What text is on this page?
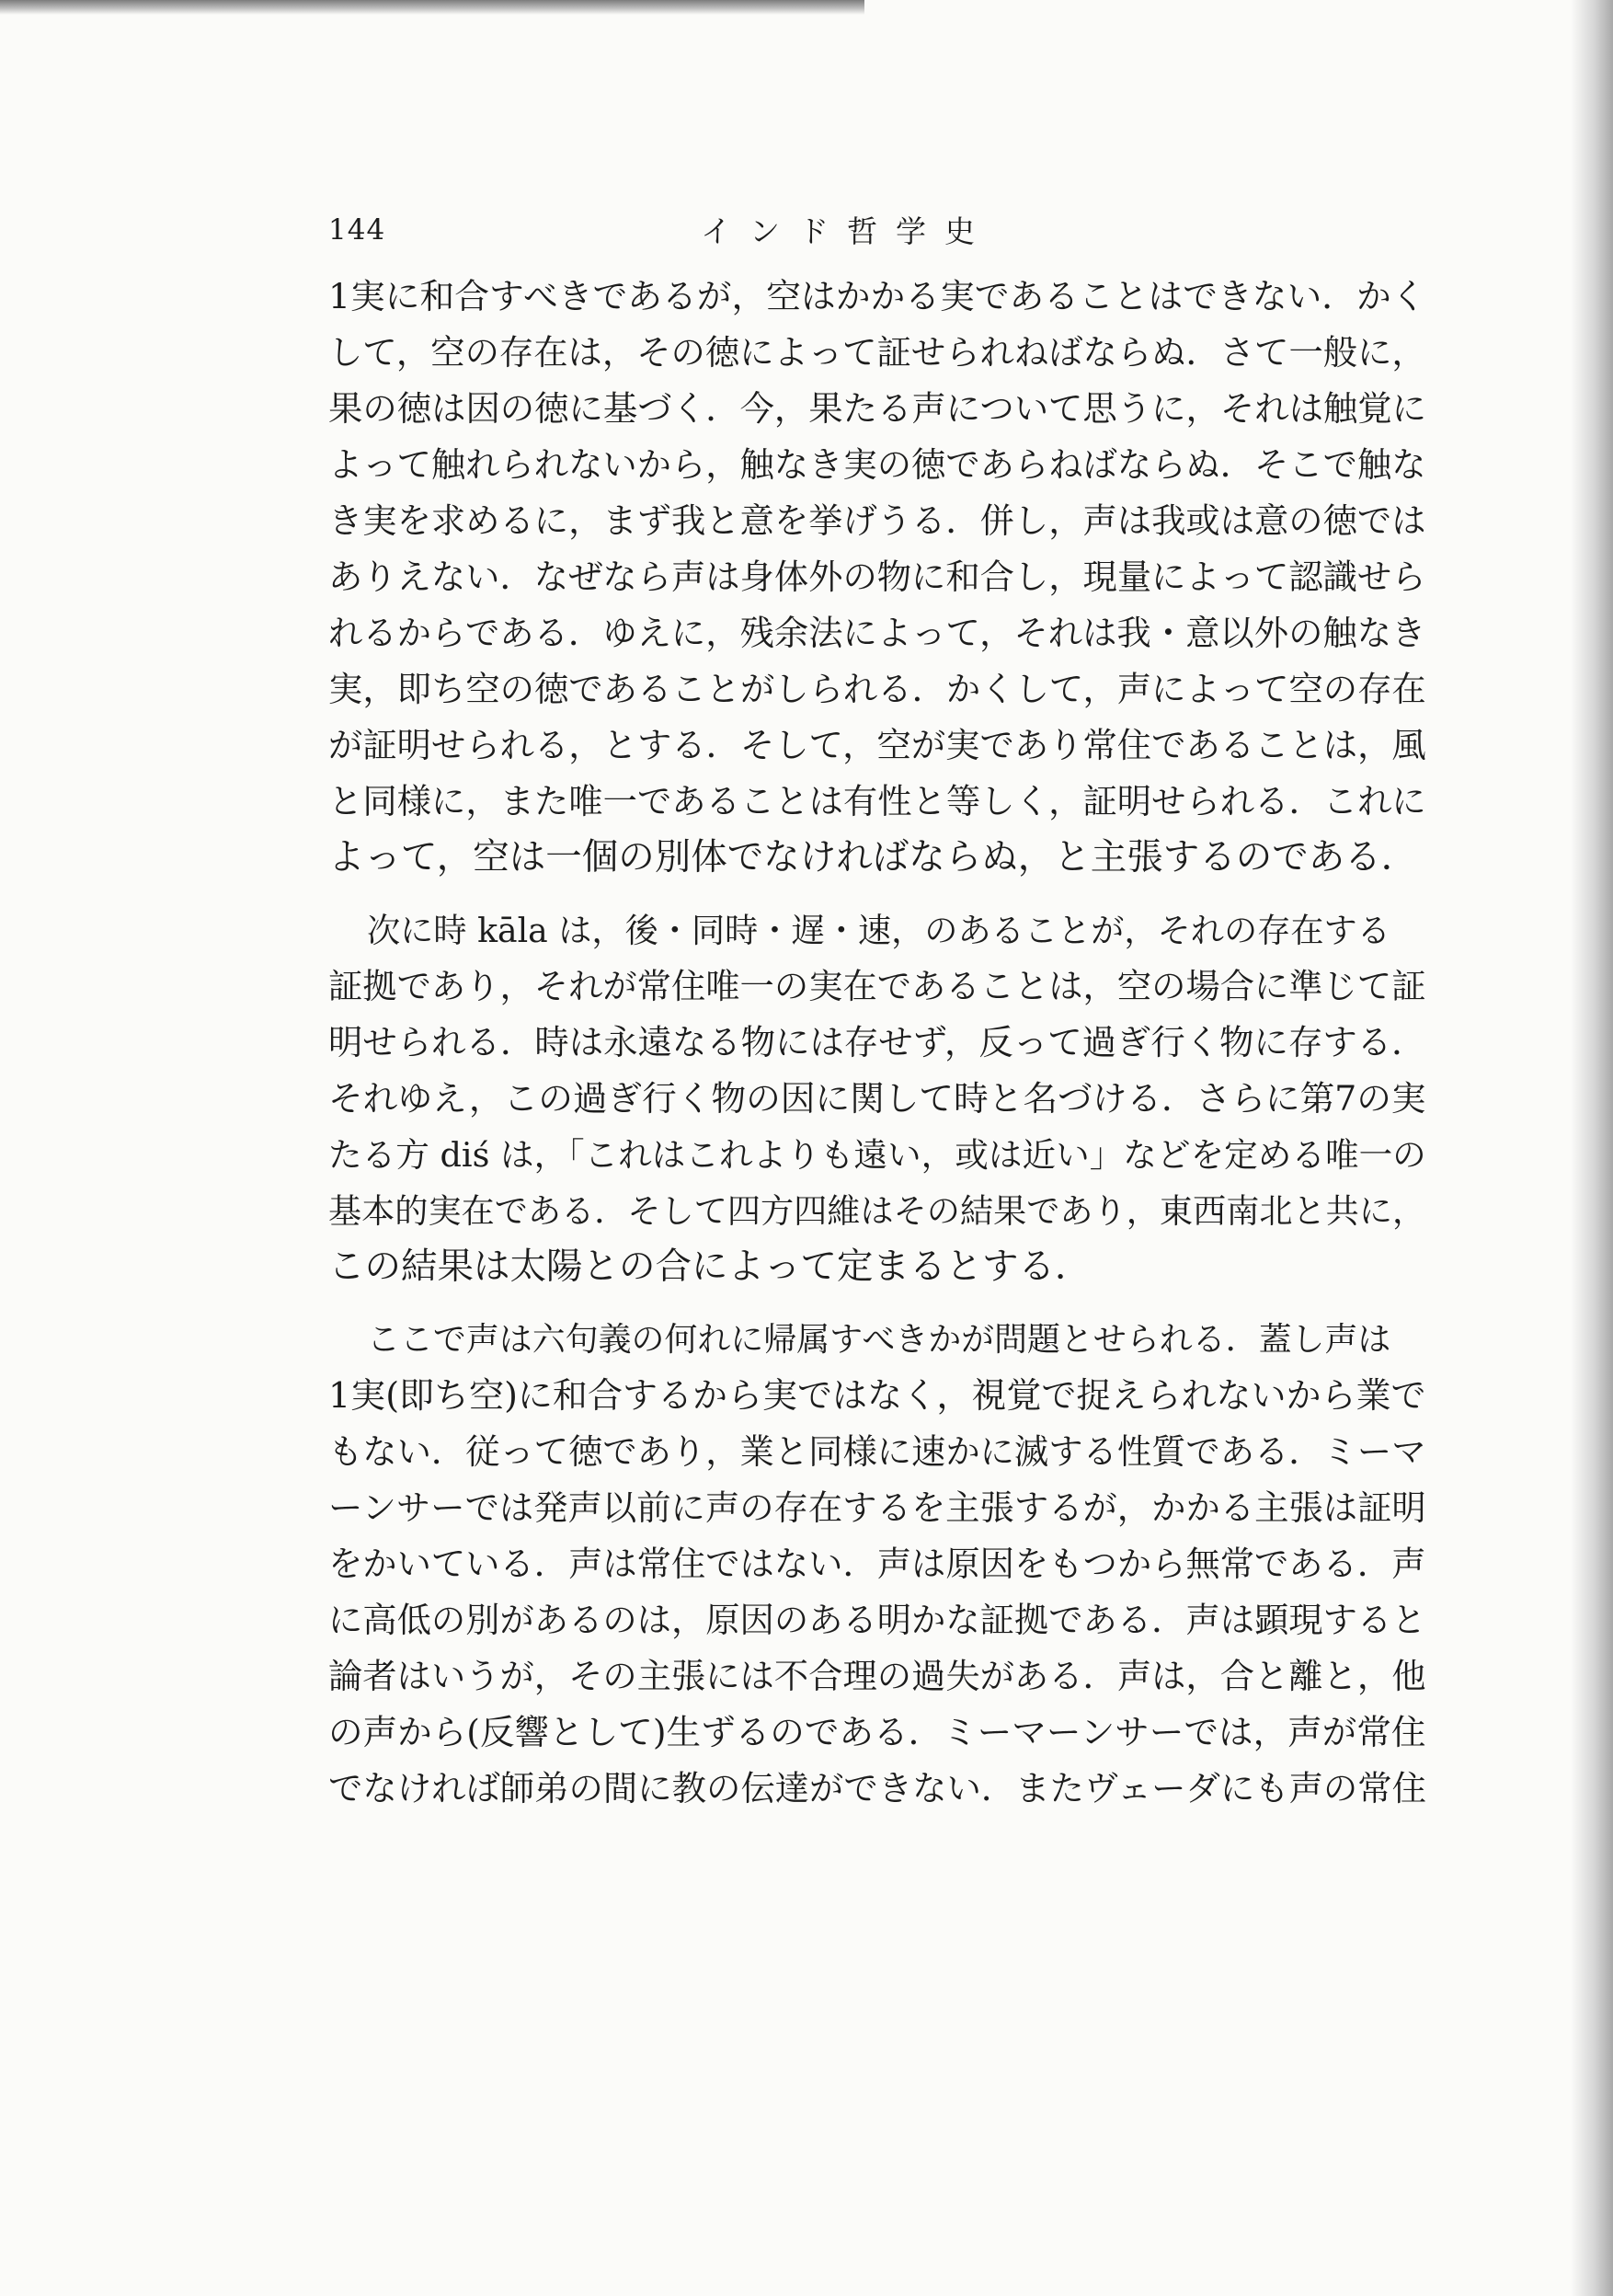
144	インド哲学史
1実に和合すべきであるが，空はかかる実であることはできない．かく
して，空の存在は，その徳によって証せられねばならぬ．さて一般に，
果の徳は因の徳に基づく．今，果たる声について思うに，それは触覚に
よって触れられないから，触なき実の徳であらねばならぬ．そこで触な
き実を求めるに，まず我と意を挙げうる．併し，声は我或は意の徳では
ありえない．なぜなら声は身体外の物に和合し，現量によって認識せら
れるからである．ゆえに，残余法によって，それは我・意以外の触なき
実，即ち空の徳であることがしられる．かくして，声によって空の存在
が証明せられる，とする．そして，空が実であり常住であることは，風
と同様に，また唯一であることは有性と等しく，証明せられる．これに
よって，空は一個の別体でなければならぬ，と主張するのである．
次に時 kāla は，後・同時・遅・速，のあることが，それの存在する
証拠であり，それが常住唯一の実在であることは，空の場合に準じて証
明せられる．時は永遠なる物には存せず，反って過ぎ行く物に存する．
それゆえ，この過ぎ行く物の因に関して時と名づける．さらに第7の実
たる方 diś は，「これはこれよりも遠い，或は近い」などを定める唯一の
基本的実在である．そして四方四維はその結果であり，東西南北と共に，
この結果は太陽との合によって定まるとする．
ここで声は六句義の何れに帰属すべきかが問題とせられる．蓋し声は
1実(即ち空)に和合するから実ではなく，視覚で捉えられないから業で
もない．従って徳であり，業と同様に速かに滅する性質である．ミーマ
ーンサーでは発声以前に声の存在するを主張するが，かかる主張は証明
をかいている．声は常住ではない．声は原因をもつから無常である．声
に高低の別があるのは，原因のある明かな証拠である．声は顕現すると
論者はいうが，その主張には不合理の過失がある．声は，合と離と，他
の声から(反響として)生ずるのである．ミーマーンサーでは，声が常住
でなければ師弟の間に教の伝達ができない．またヴェーダにも声の常住
